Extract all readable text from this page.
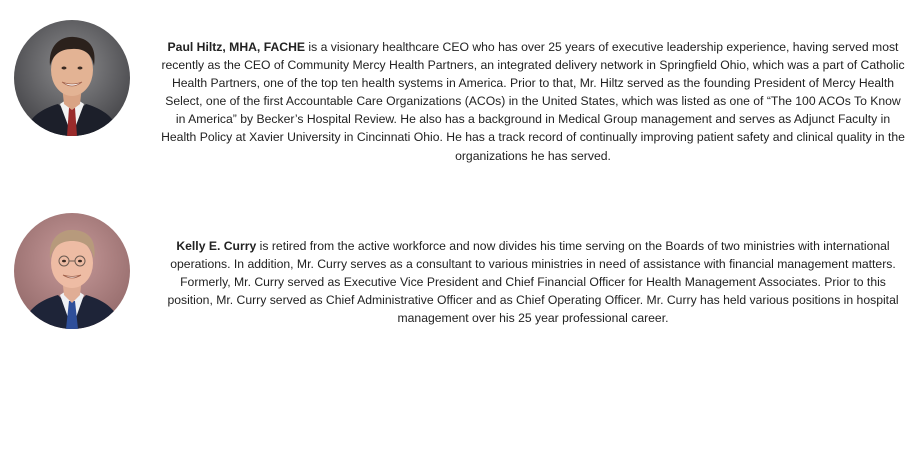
Paul Hiltz, MHA, FACHE is a visionary healthcare CEO who has over 25 years of executive leadership experience, having served most recently as the CEO of Community Mercy Health Partners, an integrated delivery network in Springfield Ohio, which was a part of Catholic Health Partners, one of the top ten health systems in America. Prior to that, Mr. Hiltz served as the founding President of Mercy Health Select, one of the first Accountable Care Organizations (ACOs) in the United States, which was listed as one of “The 100 ACOs To Know in America” by Becker’s Hospital Review. He also has a background in Medical Group management and serves as Adjunct Faculty in Health Policy at Xavier University in Cincinnati Ohio. He has a track record of continually improving patient safety and clinical quality in the organizations he has served.
Kelly E. Curry is retired from the active workforce and now divides his time serving on the Boards of two ministries with international operations. In addition, Mr. Curry serves as a consultant to various ministries in need of assistance with financial management matters. Formerly, Mr. Curry served as Executive Vice President and Chief Financial Officer for Health Management Associates. Prior to this position, Mr. Curry served as Chief Administrative Officer and as Chief Operating Officer. Mr. Curry has held various positions in hospital management over his 25 year professional career.
